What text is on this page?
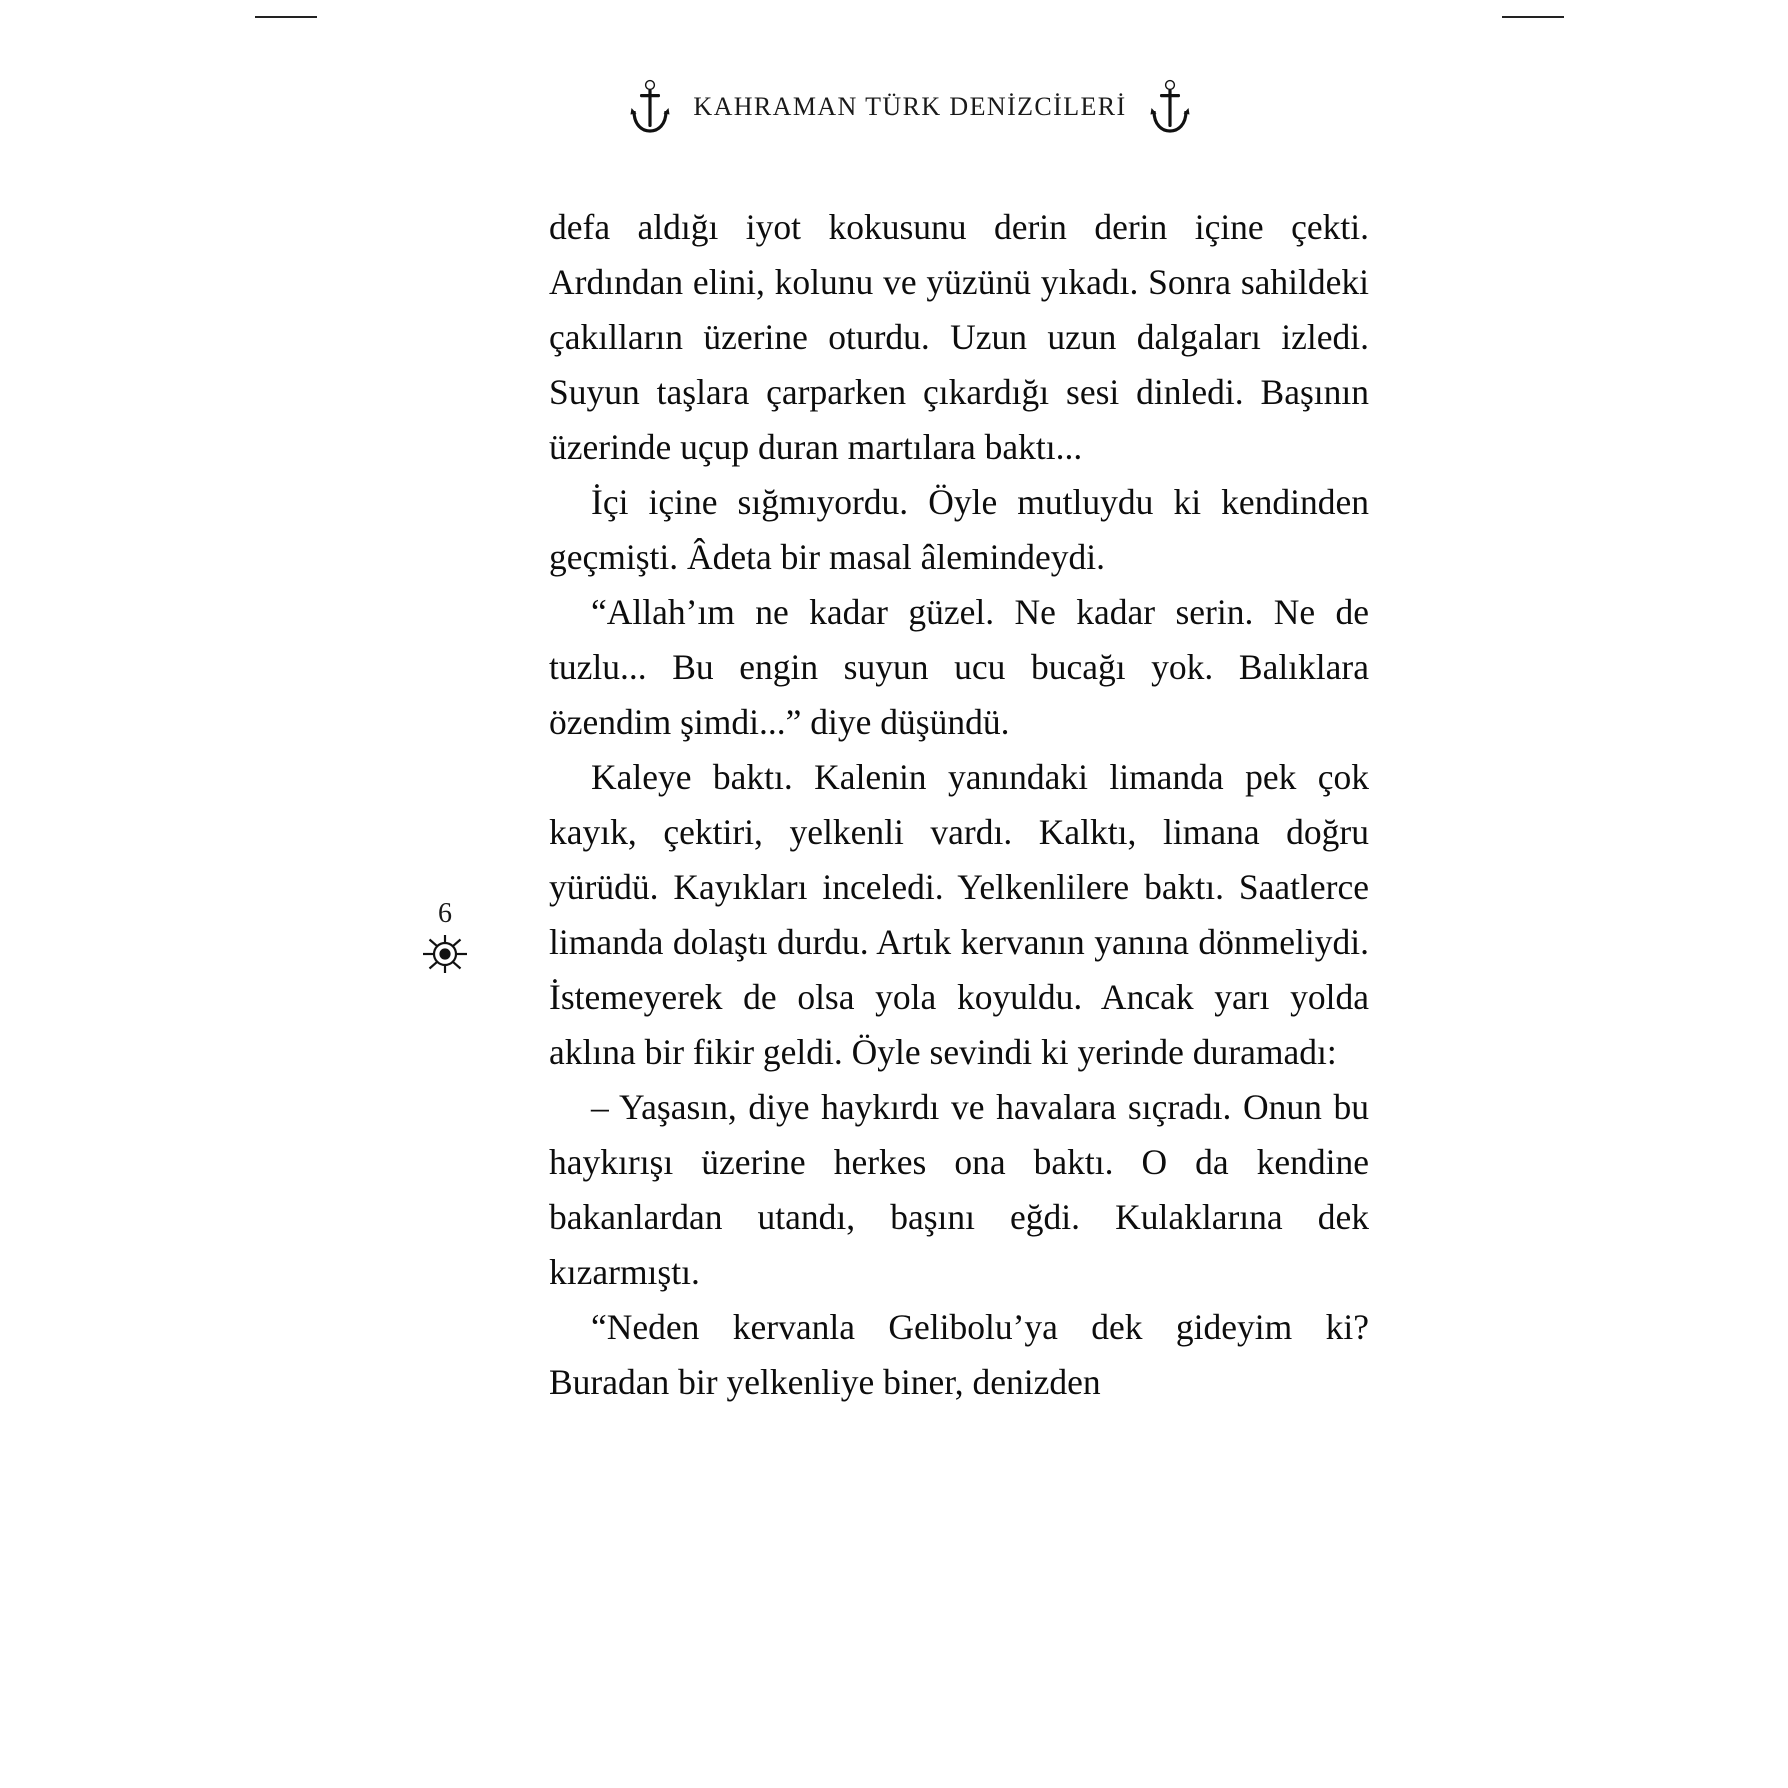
KAHRAMAN TÜRK DENİZCİLERİ
6

defa aldığı iyot kokusunu derin derin içine çekti. Ardından elini, kolunu ve yüzünü yıkadı. Sonra sahildeki çakılların üzerine oturdu. Uzun uzun dalgaları izledi. Suyun taşlara çarparken çıkardığı sesi dinledi. Başının üzerinde uçup duran martılara baktı...

İçi içine sığmıyordu. Öyle mutluydu ki kendinden geçmişti. Âdeta bir masal âlemindeydi.

“Allah’ım ne kadar güzel. Ne kadar serin. Ne de tuzlu... Bu engin suyun ucu bucağı yok. Balıklara özendim şimdi...” diye düşündü.

Kaleye baktı. Kalenin yanındaki limanda pek çok kayık, çektiri, yelkenli vardı. Kalktı, limana doğru yürüdü. Kayıkları inceledi. Yelkenlilere baktı. Saatlerce limanda dolaştı durdu. Artık kervanın yanına dönmeliydi. İstemeyerek de olsa yola koyuldu. Ancak yarı yolda aklına bir fikir geldi. Öyle sevindi ki yerinde duramadı:

– Yaşasın, diye haykırdı ve havalara sıçradı. Onun bu haykırışı üzerine herkes ona baktı. O da kendine bakanlardan utandı, başını eğdi. Kulaklarına dek kızarmıştı.

“Neden kervanla Gelibolu’ya dek gideyim ki? Buradan bir yelkenliye biner, denizden
